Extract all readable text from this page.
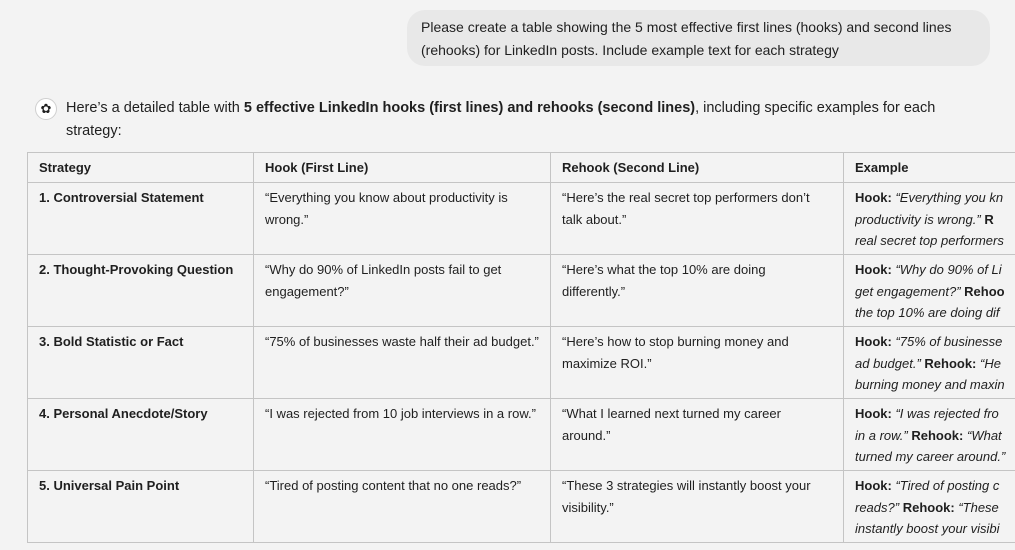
Please create a table showing the 5 most effective first lines (hooks) and second lines (rehooks) for LinkedIn posts. Include example text for each strategy
✿	Here’s a detailed table with 5 effective LinkedIn hooks (first lines) and rehooks (second lines), including specific examples for each strategy:
Strategy	Hook (First Line)	Rehook (Second Line)	Example
1. Controversial Statement	“Everything you know about productivity is wrong.”	“Here’s the real secret top performers don’t talk about.”	Hook: “Everything you kn
productivity is wrong.” R
real secret top performers

2. Thought-Provoking Question	“Why do 90% of LinkedIn posts fail to get engagement?”	“Here’s what the top 10% are doing differently.”	Hook: “Why do 90% of Li
get engagement?” Rehoo
the top 10% are doing dif

3. Bold Statistic or Fact	“75% of businesses waste half their ad budget.”	“Here’s how to stop burning money and maximize ROI.”	Hook: “75% of businesse
ad budget.” Rehook: “He
burning money and maxin

4. Personal Anecdote/Story	“I was rejected from 10 job interviews in a row.”	“What I learned next turned my career around.”	Hook: “I was rejected fro
in a row.” Rehook: “What
turned my career around.”

5. Universal Pain Point	“Tired of posting content that no one reads?”	“These 3 strategies will instantly boost your visibility.”	Hook: “Tired of posting c
reads?” Rehook: “These
instantly boost your visibi
